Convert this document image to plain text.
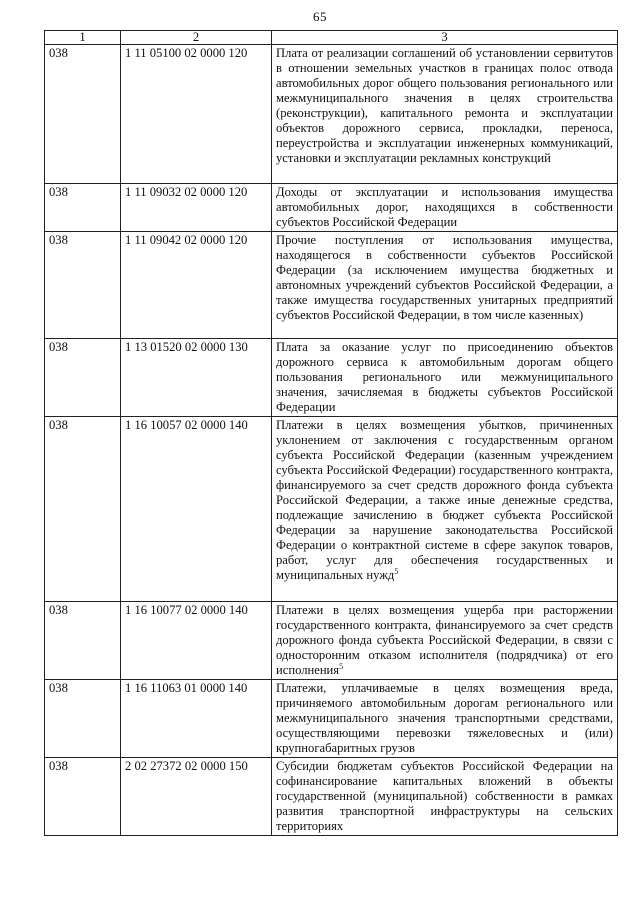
65
1	2	3
038	1 11 05100 02 0000 120	Плата от реализации соглашений об установлении сервитутов в отношении земельных участков в границах полос отвода автомобильных дорог общего пользования регионального или межмуниципального значения в целях строительства (реконструкции), капитального ремонта и эксплуатации объектов дорожного сервиса, прокладки, переноса, переустройства и эксплуатации инженерных коммуникаций, установки и эксплуатации рекламных конструкций
038	1 11 09032 02 0000 120	Доходы от эксплуатации и использования имущества автомобильных дорог, находящихся в собственности субъектов Российской Федерации
038	1 11 09042 02 0000 120	Прочие поступления от использования имущества, находящегося в собственности субъектов Российской Федерации (за исключением имущества бюджетных и автономных учреждений субъектов Российской Федерации, а также имущества государственных унитарных предприятий субъектов Российской Федерации, в том числе казенных)
038	1 13 01520 02 0000 130	Плата за оказание услуг по присоединению объектов дорожного сервиса к автомобильным дорогам общего пользования регионального или межмуниципального значения, зачисляемая в бюджеты субъектов Российской Федерации
038	1 16 10057 02 0000 140	Платежи в целях возмещения убытков, причиненных уклонением от заключения с государственным органом субъекта Российской Федерации (казенным учреждением субъекта Российской Федерации) государственного контракта, финансируемого за счет средств дорожного фонда субъекта Российской Федерации, а также иные денежные средства, подлежащие зачислению в бюджет субъекта Российской Федерации за нарушение законодательства Российской Федерации о контрактной системе в сфере закупок товаров, работ, услуг для обеспечения государственных и муниципальных нужд$^5$
038	1 16 10077 02 0000 140	Платежи в целях возмещения ущерба при расторжении государственного контракта, финансируемого за счет средств дорожного фонда субъекта Российской Федерации, в связи с односторонним отказом исполнителя (подрядчика) от его исполнения$^5$
038	1 16 11063 01 0000 140	Платежи, уплачиваемые в целях возмещения вреда, причиняемого автомобильным дорогам регионального или межмуниципального значения транспортными средствами, осуществляющими перевозки тяжеловесных и (или) крупногабаритных грузов
038	2 02 27372 02 0000 150	Субсидии бюджетам субъектов Российской Федерации на софинансирование капитальных вложений в объекты государственной (муниципальной) собственности в рамках развития транспортной инфраструктуры на сельских территориях
